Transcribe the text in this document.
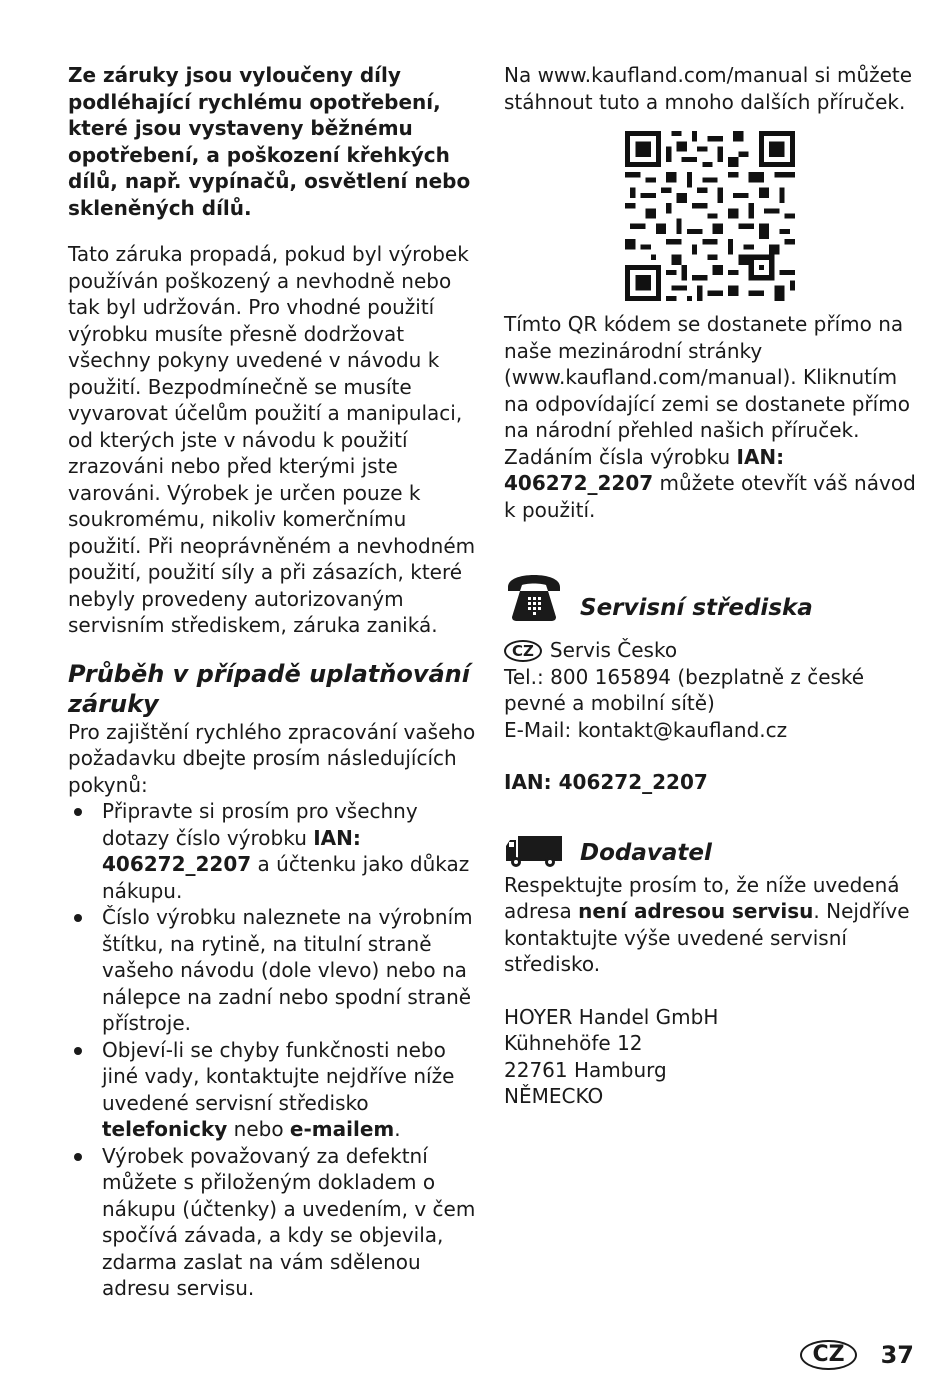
Ze záruky jsou vyloučeny díly podléhající rychlému opotřebení, které jsou vystaveny běžnému opotřebení, a poškození křehkých dílů, např. vypínačů, osvětlení nebo skleněných dílů.

Tato záruka propadá, pokud byl výrobek používán poškozený a nevhodně nebo tak byl udržován. Pro vhodné použití výrobku musíte přesně dodržovat všechny pokyny uvedené v návodu k použití. Bezpodmínečně se musíte vyvarovat účelům použití a manipulaci, od kterých jste v návodu k použití zrazováni nebo před kterými jste varováni. Výrobek je určen pouze k soukromému, nikoliv komerčnímu použití. Při neoprávněném a nevhodném použití, použití síly a při zásazích, které nebyly provedeny autorizovaným servisním střediskem, záruka zaniká.

Průběh v případě uplatňování záruky

Pro zajištění rychlého zpracování vašeho požadavku dbejte prosím následujících pokynů:

Připravte si prosím pro všechny dotazy číslo výrobku IAN: 406272_2207 a účtenku jako důkaz nákupu.
Číslo výrobku naleznete na výrobním štítku, na rytině, na titulní straně vašeho návodu (dole vlevo) nebo na nálepce na zadní nebo spodní straně přístroje.
Objeví-li se chyby funkčnosti nebo jiné vady, kontaktujte nejdříve níže uvedené servisní středisko telefonicky nebo e-mailem.
Výrobek považovaný za defektní můžete s přiloženým dokladem o nákupu (účtenky) a uvedením, v čem spočívá závada, a kdy se objevila, zdarma zaslat na vám sdělenou adresu servisu.

Na www.kaufland.com/manual si můžete stáhnout tuto a mnoho dalších příruček.

Tímto QR kódem se dostanete přímo na naše mezinárodní stránky (www.kaufland.com/manual). Kliknutím na odpovídající zemi se dostanete přímo na národní přehled našich příruček. Zadáním čísla výrobku IAN: 406272_2207 můžete otevřít váš návod k použití.

Servisní střediska

CZ Servis Česko

Tel.: 800 165894 (bezplatně z české pevné a mobilní sítě)

E-Mail: kontakt@kaufland.cz

IAN: 406272_2207

Dodavatel

Respektujte prosím to, že níže uvedená adresa není adresou servisu. Nejdříve kontaktujte výše uvedené servisní středisko.

HOYER Handel GmbH

Kühnehöfe 12

22761 Hamburg

NĚMECKO

CZ	37
